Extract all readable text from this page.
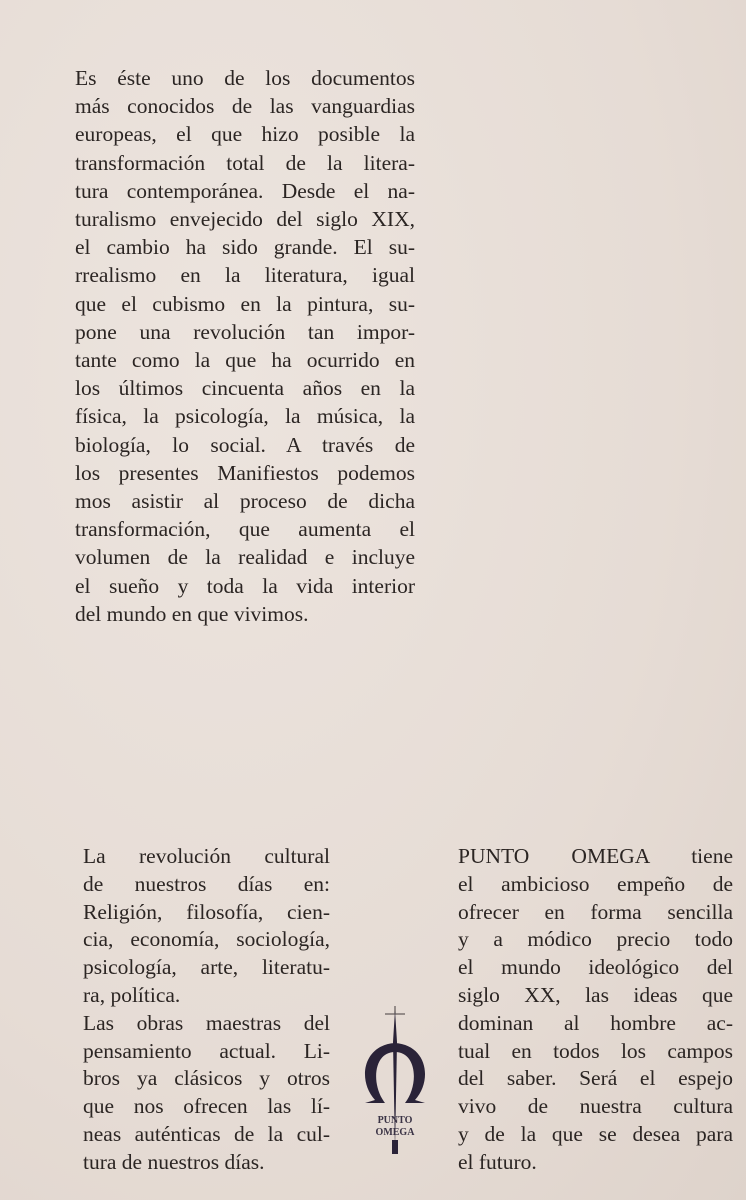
Es éste uno de los documentos
más conocidos de las vanguardias
europeas, el que hizo posible la
transformación total de la litera-
tura contemporánea. Desde el na-
turalismo envejecido del siglo XIX,
el cambio ha sido grande. El su-
rrealismo en la literatura, igual
que el cubismo en la pintura, su-
pone una revolución tan impor-
tante como la que ha ocurrido en
los últimos cincuenta años en la
física, la psicología, la música, la
biología, lo social. A través de
los presentes Manifiestos podemos
mos asistir al proceso de dicha
transformación, que aumenta el
volumen de la realidad e incluye
el sueño y toda la vida interior
del mundo en que vivimos.
La revolución cultural
de nuestros días en:
Religión, filosofía, cien-
cia, economía, sociología,
psicología, arte, literatu-
ra, política.
Las obras maestras del
pensamiento actual. Li-
bros ya clásicos y otros
que nos ofrecen las lí-
neas auténticas de la cul-
tura de nuestros días.
PUNTO OMEGA tiene
el ambicioso empeño de
ofrecer en forma sencilla
y a módico precio todo
el mundo ideológico del
siglo XX, las ideas que
dominan al hombre ac-
tual en todos los campos
del saber. Será el espejo
vivo de nuestra cultura
y de la que se desea para
el futuro.
PUNTO
OMEGA
